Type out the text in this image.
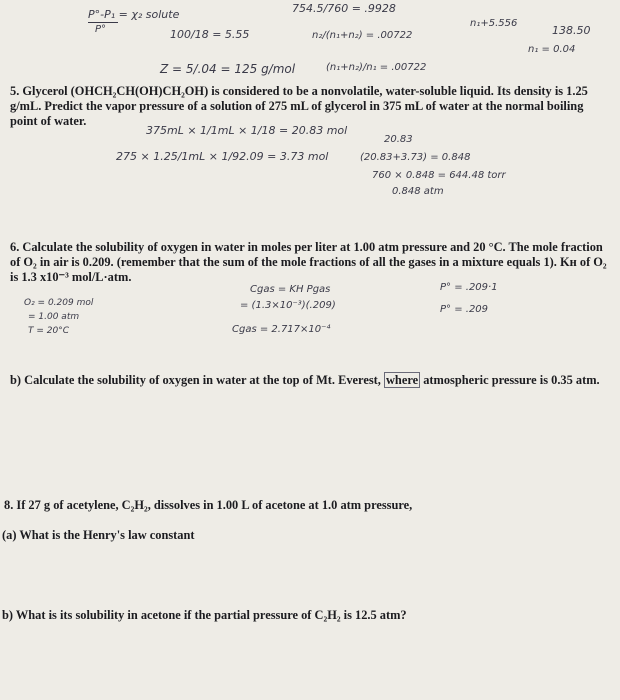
P°-P₁ = χ₂ solute
P°	100/18 = 5.55
754.5/760 = .9928
n₂/(n₁+n₂) = .00722
n₁+5.556
138.50
n₁ = 0.04
Z = 5/.04 = 125 g/mol	(n₁+n₂)/n₁ = .00722

5. Glycerol (OHCH₂CH(OH)CH₂OH) is considered to be a nonvolatile, water-soluble liquid. Its density is 1.25 g/mL. Predict the vapor pressure of a solution of 275 mL of glycerol in 375 mL of water at the normal boiling point of water.

375mL × 1/1mL × 1/18 = 20.83 mol
275 × 1.25/1mL × 1/92.09 = 3.73 mol
20.83
(20.83+3.73) = 0.848
760 × 0.848 = 644.48 torr
0.848 atm

6. Calculate the solubility of oxygen in water in moles per liter at 1.00 atm pressure and 20 °C. The mole fraction of O₂ in air is 0.209. (remember that the sum of the mole fractions of all the gases in a mixture equals 1). Kʜ of O₂ is 1.3 x10⁻³ mol/L·atm.

Cgas = KH Pgas	P° = .209·1
O₂ = 0.209 mol
= 1.00 atm
T = 20°C
= (1.3×10⁻³)(.209)	P° = .209
Cgas = 2.717×10⁻⁴

b) Calculate the solubility of oxygen in water at the top of Mt. Everest, where atmospheric pressure is 0.35 atm.

8. If 27 g of acetylene, C₂H₂, dissolves in 1.00 L of acetone at 1.0 atm pressure,

(a) What is the Henry's law constant

b) What is its solubility in acetone if the partial pressure of C₂H₂ is 12.5 atm?
